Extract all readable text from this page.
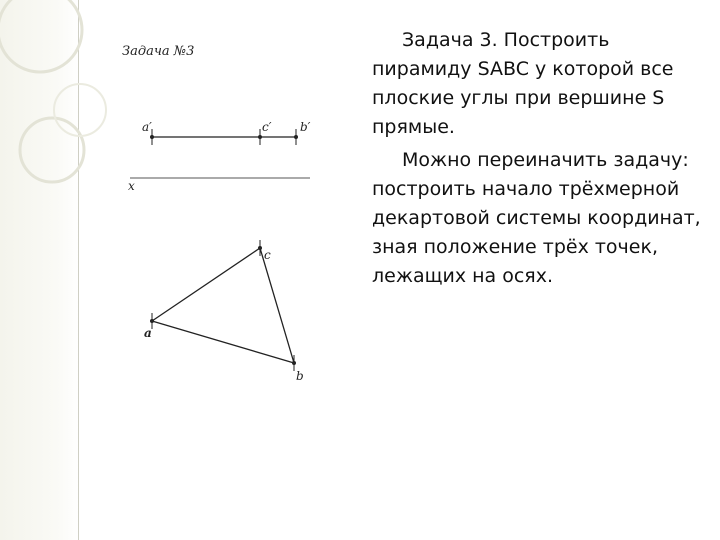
Задача №3
a′	c′ b′
x
a
c
b

Задача 3. Построить пирамиду SABC у которой все плоские углы при вершине S прямые.

Можно переиначить задачу: построить начало трёхмерной декартовой системы координат, зная положение трёх точек, лежащих на осях.
